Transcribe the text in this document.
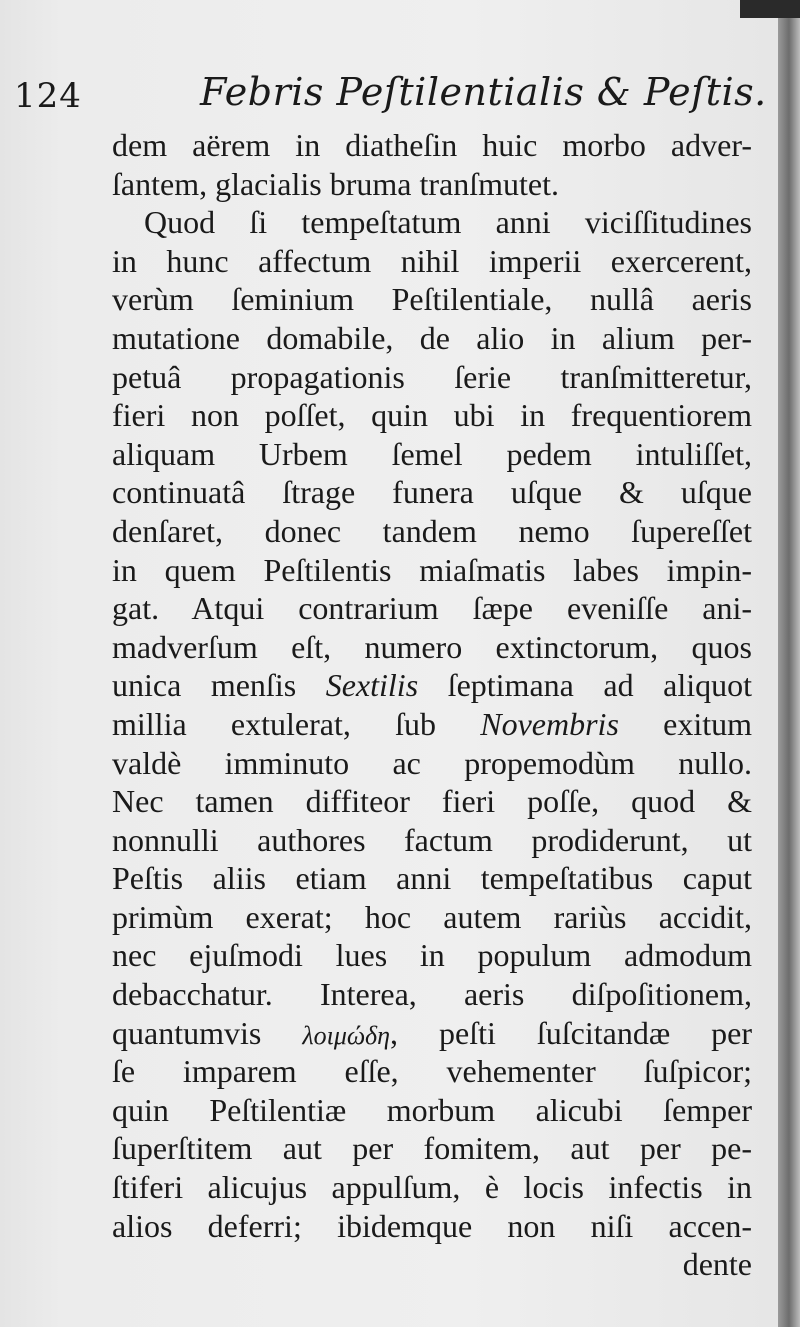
124	Febris Peſtilentialis & Peſtis.
dem aërem in diatheſin huic morbo adver-
ſantem, glacialis bruma tranſmutet.
Quod ſi tempeſtatum anni viciſſitudines
in hunc affectum nihil imperii exercerent,
verùm ſeminium Peſtilentiale, nullâ aeris
mutatione domabile, de alio in alium per-
petuâ propagationis ſerie tranſmitteretur,
fieri non poſſet, quin ubi in frequentiorem
aliquam Urbem ſemel pedem intuliſſet,
continuatâ ſtrage funera uſque & uſque
denſaret, donec tandem nemo ſupereſſet
in quem Peſtilentis miaſmatis labes impin-
gat. Atqui contrarium ſæpe eveniſſe ani-
madverſum eſt, numero extinctorum, quos
unica menſis Sextilis ſeptimana ad aliquot
millia extulerat, ſub Novembris exitum
valdè imminuto ac propemodùm nullo.
Nec tamen diffiteor fieri poſſe, quod &
nonnulli authores factum prodiderunt, ut
Peſtis aliis etiam anni tempeſtatibus caput
primùm exerat; hoc autem rariùs accidit,
nec ejuſmodi lues in populum admodum
debacchatur. Interea, aeris diſpoſitionem,
quantumvis λοιμώδη, peſti ſuſcitandæ per
ſe imparem eſſe, vehementer ſuſpicor;
quin Peſtilentiæ morbum alicubi ſemper
ſuperſtitem aut per fomitem, aut per pe-
ſtiferi alicujus appulſum, è locis infectis in
alios deferri; ibidemque non niſi accen-
dente
